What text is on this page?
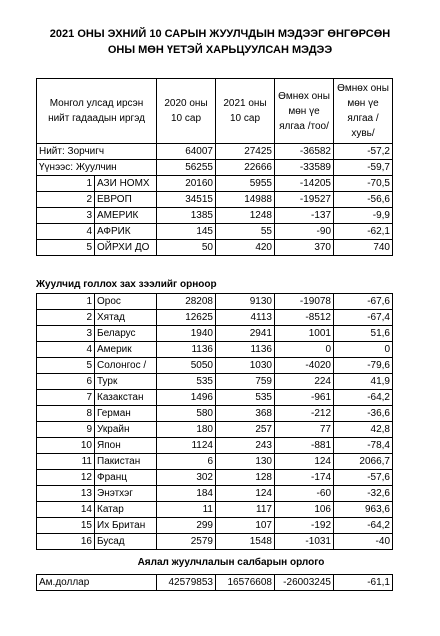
2021 ОНЫ ЭХНИЙ 10 САРЫН ЖУУЛЧДЫН МЭДЭЭГ ӨНГӨРСӨН
ОНЫ МӨН ҮЕТЭЙ ХАРЬЦУУЛСАН МЭДЭЭ
Монгол улсад ирсэн нийт гадаадын иргэд		2020 оны 10 сар	2021 оны 10 сар	Өмнөх оны мөн үе ялгаа /тоо/	Өмнөх оны мөн үе ялгаа /хувь/
Нийт: Зорчигч		64007	27425	-36582	-57,2
Үүнээс: Жуулчин		56255	22666	-33589	-59,7
1	АЗИ НОМХ	20160	5955	-14205	-70,5
2	ЕВРОП	34515	14988	-19527	-56,6
3	АМЕРИК	1385	1248	-137	-9,9
4	АФРИК	145	55	-90	-62,1
5	ОЙРХИ ДО	50	420	370	740

Жуулчид голлох зах зээлийг орноор
1	Орос	28208	9130	-19078	-67,6
2	Хятад	12625	4113	-8512	-67,4
3	Беларус	1940	2941	1001	51,6
4	Америк	1136	1136	0	0
5	Солонгос /	5050	1030	-4020	-79,6
6	Турк	535	759	224	41,9
7	Казакстан	1496	535	-961	-64,2
8	Герман	580	368	-212	-36,6
9	Украйн	180	257	77	42,8
10	Япон	1124	243	-881	-78,4
11	Пакистан	6	130	124	2066,7
12	Франц	302	128	-174	-57,6
13	Энэтхэг	184	124	-60	-32,6
14	Катар	11	117	106	963,6
15	Их Британ	299	107	-192	-64,2
16	Бусад	2579	1548	-1031	-40
Аялал жуулчлалын салбарын орлого
Ам.доллар	42579853	16576608	-26003245	-61,1
